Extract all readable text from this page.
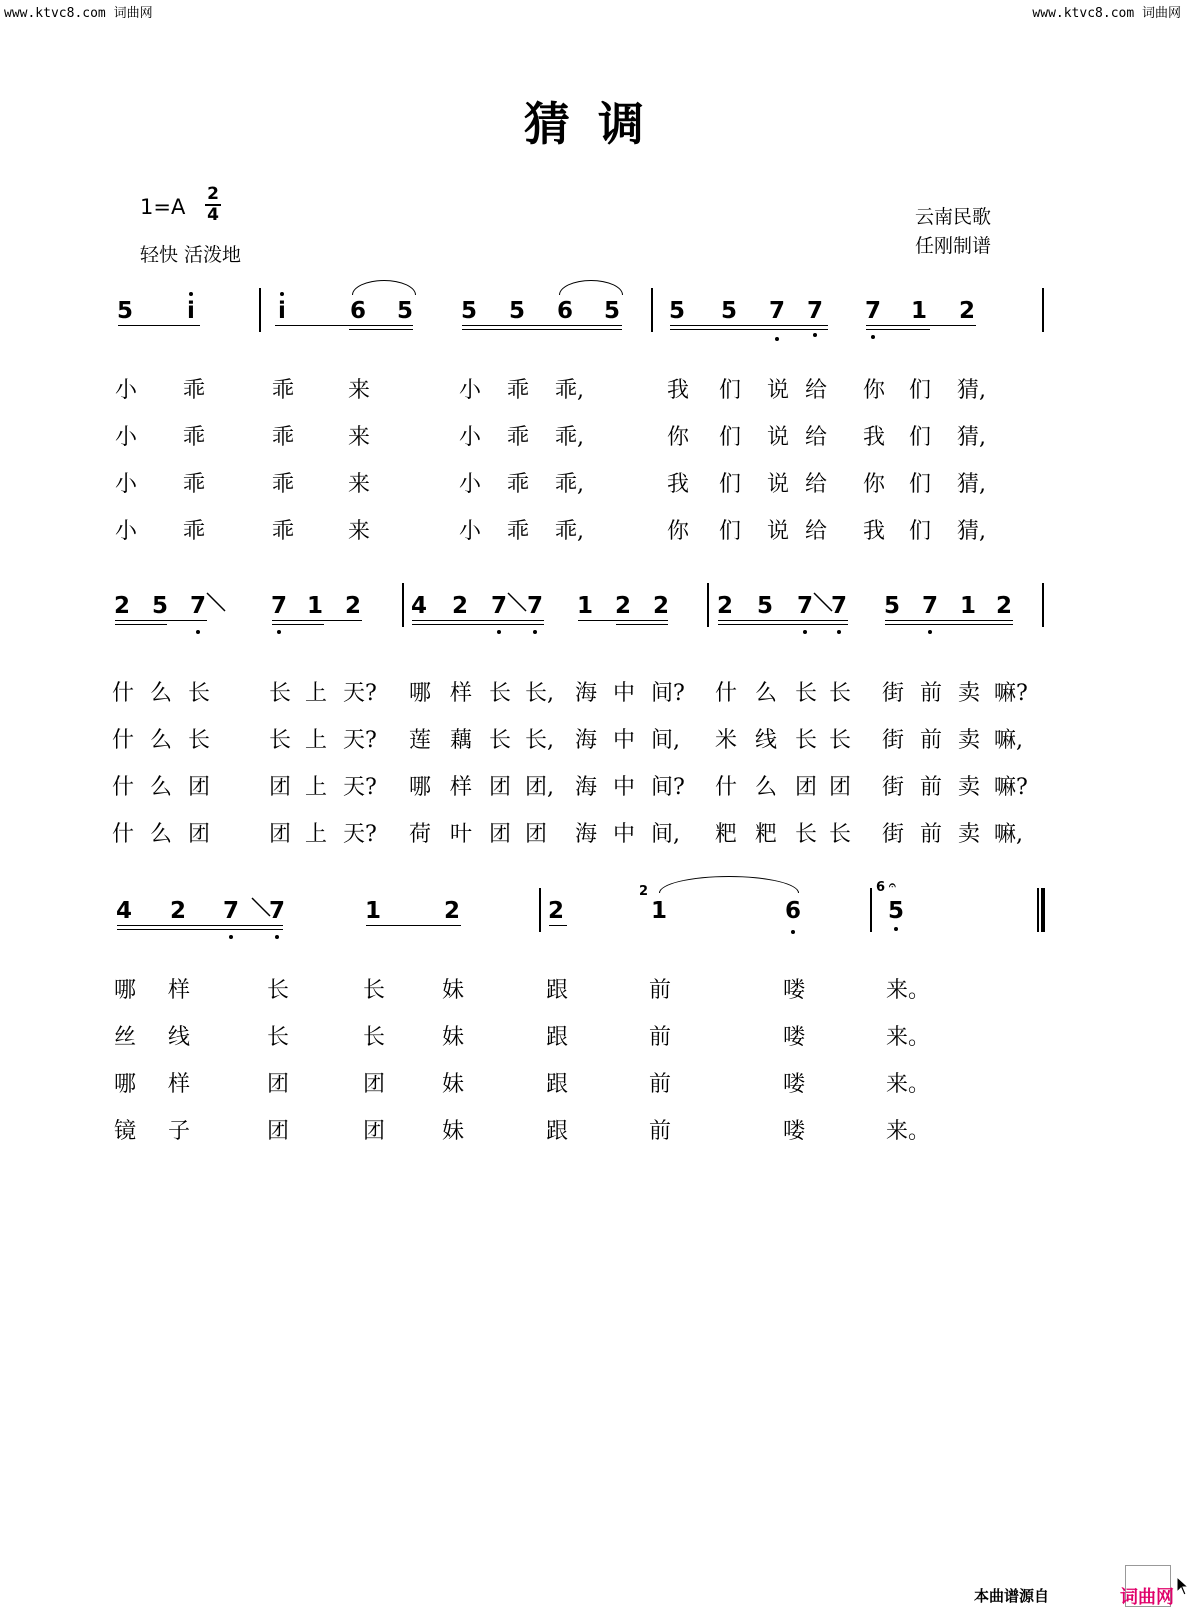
www.ktvc8.com 词曲网	www.ktvc8.com 词曲网
猜调
1=A
2
4
轻快 活泼地
云南民歌
任刚制谱
5 i	i	6 5 5 5 6 5 5 5 7 7 7 1 2
小 乖	乖 来	小 乖 乖,	我 们 说 给 你 们 猜,
小 乖	乖 来	小 乖 乖,	你 们 说 给 我 们 猜,
小 乖	乖 来	小 乖 乖,	我 们 说 给 你 们 猜,
小 乖	乖 来	小 乖 乖,	你 们 说 给 我 们 猜,
2 5 7	7 1 2 4 2 7 7 1 2 2 2 5 7 7 5 7 1 2
什 么 长	长 上 天? 哪 样 长 长, 海 中 间? 什 么 长 长 街 前 卖 嘛?
什 么 长	长 上 天? 莲 藕 长 长, 海 中 间, 米 线 长 长 街 前 卖 嘛,
什 么 团	团 上 天? 哪 样 团 团, 海 中 间? 什 么 团 团 街 前 卖 嘛?
什 么 团	团 上 天? 荷 叶 团 团 海 中 间, 粑 粑 长 长 街 前 卖 嘛,
4 2 7 7	1	2	2
2
1	6
6 𝄐
5
哪 样	长	长	妹	跟	前	喽	来。
丝 线	长	长	妹	跟	前	喽	来。
哪 样	团	团	妹	跟	前	喽	来。
镜 子	团	团	妹	跟	前	喽	来。
本曲谱源自	词曲网
